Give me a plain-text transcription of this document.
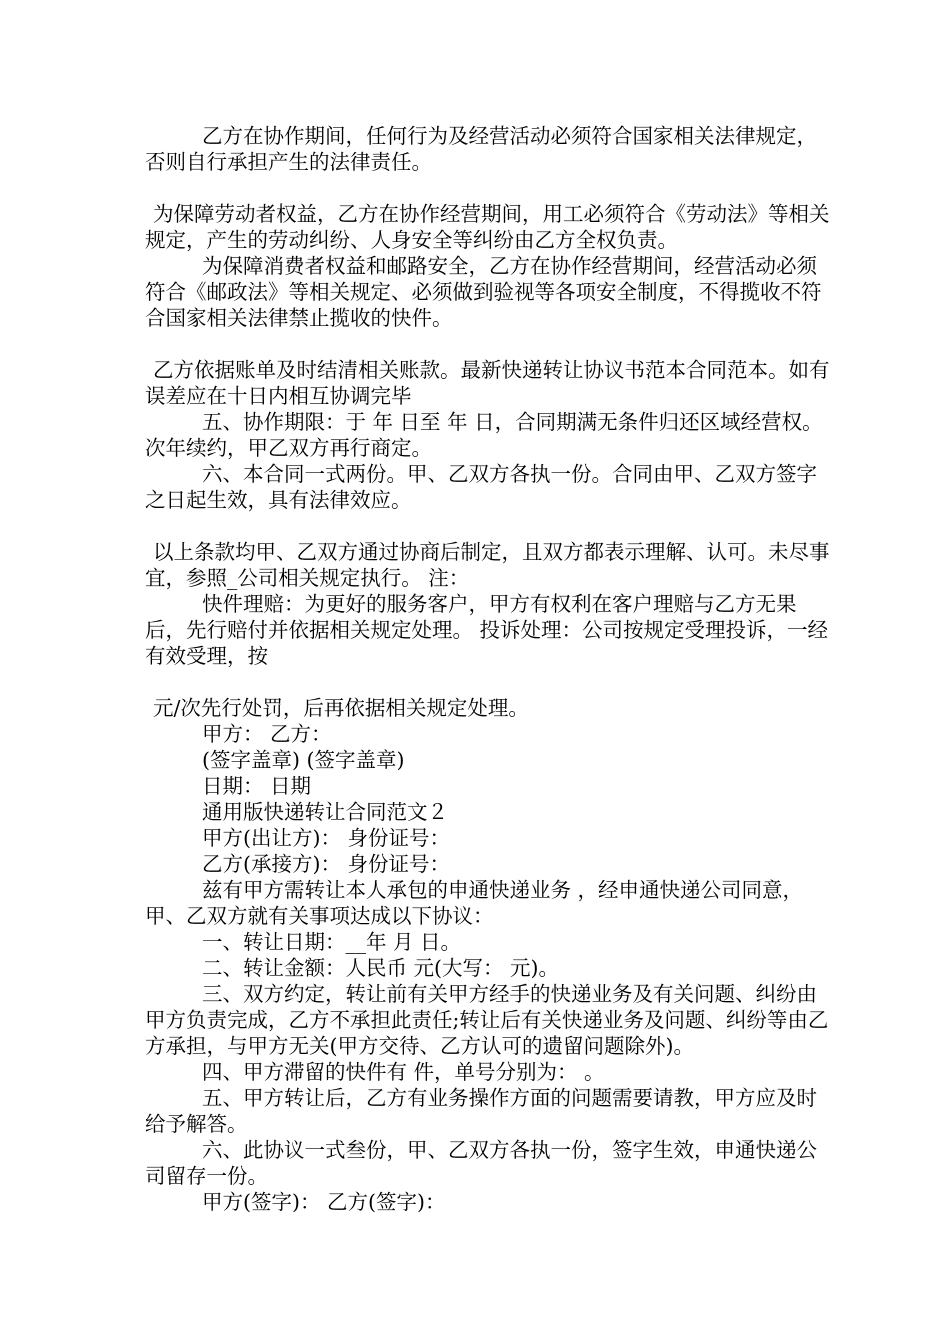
乙方在协作期间，任何行为及经营活动必须符合国家相关法律规定，否则自行承担产生的法律责任。

为保障劳动者权益，乙方在协作经营期间，用工必须符合《劳动法》等相关规定，产生的劳动纠纷、人身安全等纠纷由乙方全权负责。

为保障消费者权益和邮路安全，乙方在协作经营期间，经营活动必须符合《邮政法》等相关规定、必须做到验视等各项安全制度，不得揽收不符合国家相关法律禁止揽收的快件。

乙方依据账单及时结清相关账款。最新快递转让协议书范本合同范本。如有误差应在十日内相互协调完毕

五、协作期限：于 年 日至 年 日，合同期满无条件归还区域经营权。次年续约，甲乙双方再行商定。

六、本合同一式两份。甲、乙双方各执一份。合同由甲、乙双方签字之日起生效，具有法律效应。

以上条款均甲、乙双方通过协商后制定，且双方都表示理解、认可。未尽事宜，参照_公司相关规定执行。 注：

快件理赔：为更好的服务客户，甲方有权利在客户理赔与乙方无果后，先行赔付并依据相关规定处理。 投诉处理：公司按规定受理投诉，一经有效受理，按

元/次先行处罚，后再依据相关规定处理。

甲方： 乙方：

(签字盖章) (签字盖章)

日期： 日期

通用版快递转让合同范文２

甲方(出让方)： 身份证号：

乙方(承接方)： 身份证号：

兹有甲方需转让本人承包的申通快递业务 ，经申通快递公司同意，甲、乙双方就有关事项达成以下协议：

一、转让日期：__年 月 日。

二、转让金额：人民币 元(大写： 元)。

三、双方约定，转让前有关甲方经手的快递业务及有关问题、纠纷由甲方负责完成，乙方不承担此责任;转让后有关快递业务及问题、纠纷等由乙方承担，与甲方无关(甲方交待、乙方认可的遗留问题除外)。

四、甲方滞留的快件有 件，单号分别为： 。

五、甲方转让后，乙方有业务操作方面的问题需要请教，甲方应及时给予解答。

六、此协议一式叁份，甲、乙双方各执一份，签字生效，申通快递公司留存一份。

甲方(签字)： 乙方(签字)：
